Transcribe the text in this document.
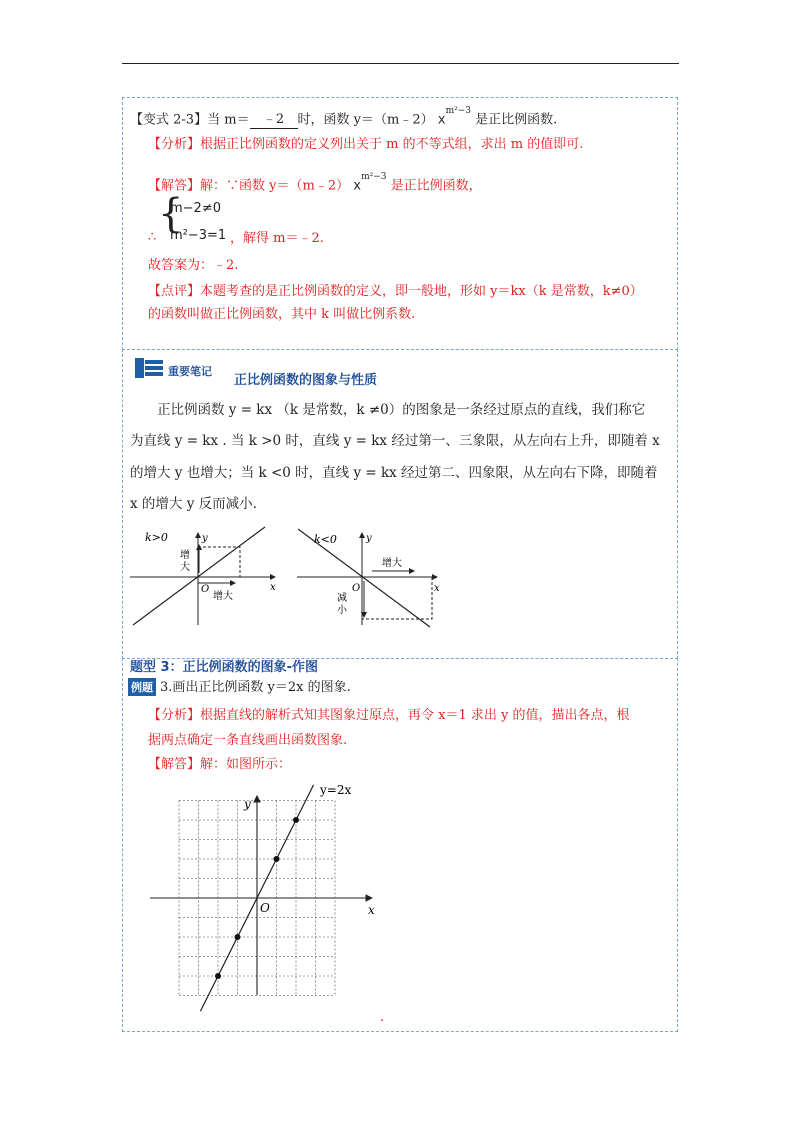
【变式 2-3】当 m＝ ﹣2 时，函数 y＝（m﹣2） $x^{m^2-3}$ 是正比例函数.
【分析】根据正比例函数的定义列出关于 m 的不等式组，求出 m 的值即可.
【解答】解：∵函数 y＝（m﹣2） $x^{m^2-3}$ 是正比例函数，
∴
{
m−2≠0
m²−3=1 ，解得 m＝﹣2.
故答案为：﹣2.
【点评】本题考查的是正比例函数的定义，即一般地，形如 y＝kx（k 是常数，k≠0）
的函数叫做正比例函数，其中 k 叫做比例系数.
重要笔记
正比例函数的图象与性质
正比例函数 y = kx （k 是常数，k ≠0）的图象是一条经过原点的直线，我们称它
为直线 y = kx . 当 k >0 时，直线 y = kx 经过第一、三象限，从左向右上升，即随着 x
的增大 y 也增大；当 k <0 时，直线 y = kx 经过第二、四象限，从左向右下降，即随着
x 的增大 y 反而减小.
k>0	y
x
O
增
大
增大
k<0	y
x
O
减
小
增大
题型 3：正比例函数的图象-作图
例题 3.画出正比例函数 y＝2x 的图象.
【分析】根据直线的解析式知其图象过原点，再令 x＝1 求出 y 的值，描出各点，根
据两点确定一条直线画出函数图象.
【解答】解：如图所示：
y=2x
y
x
O
.
